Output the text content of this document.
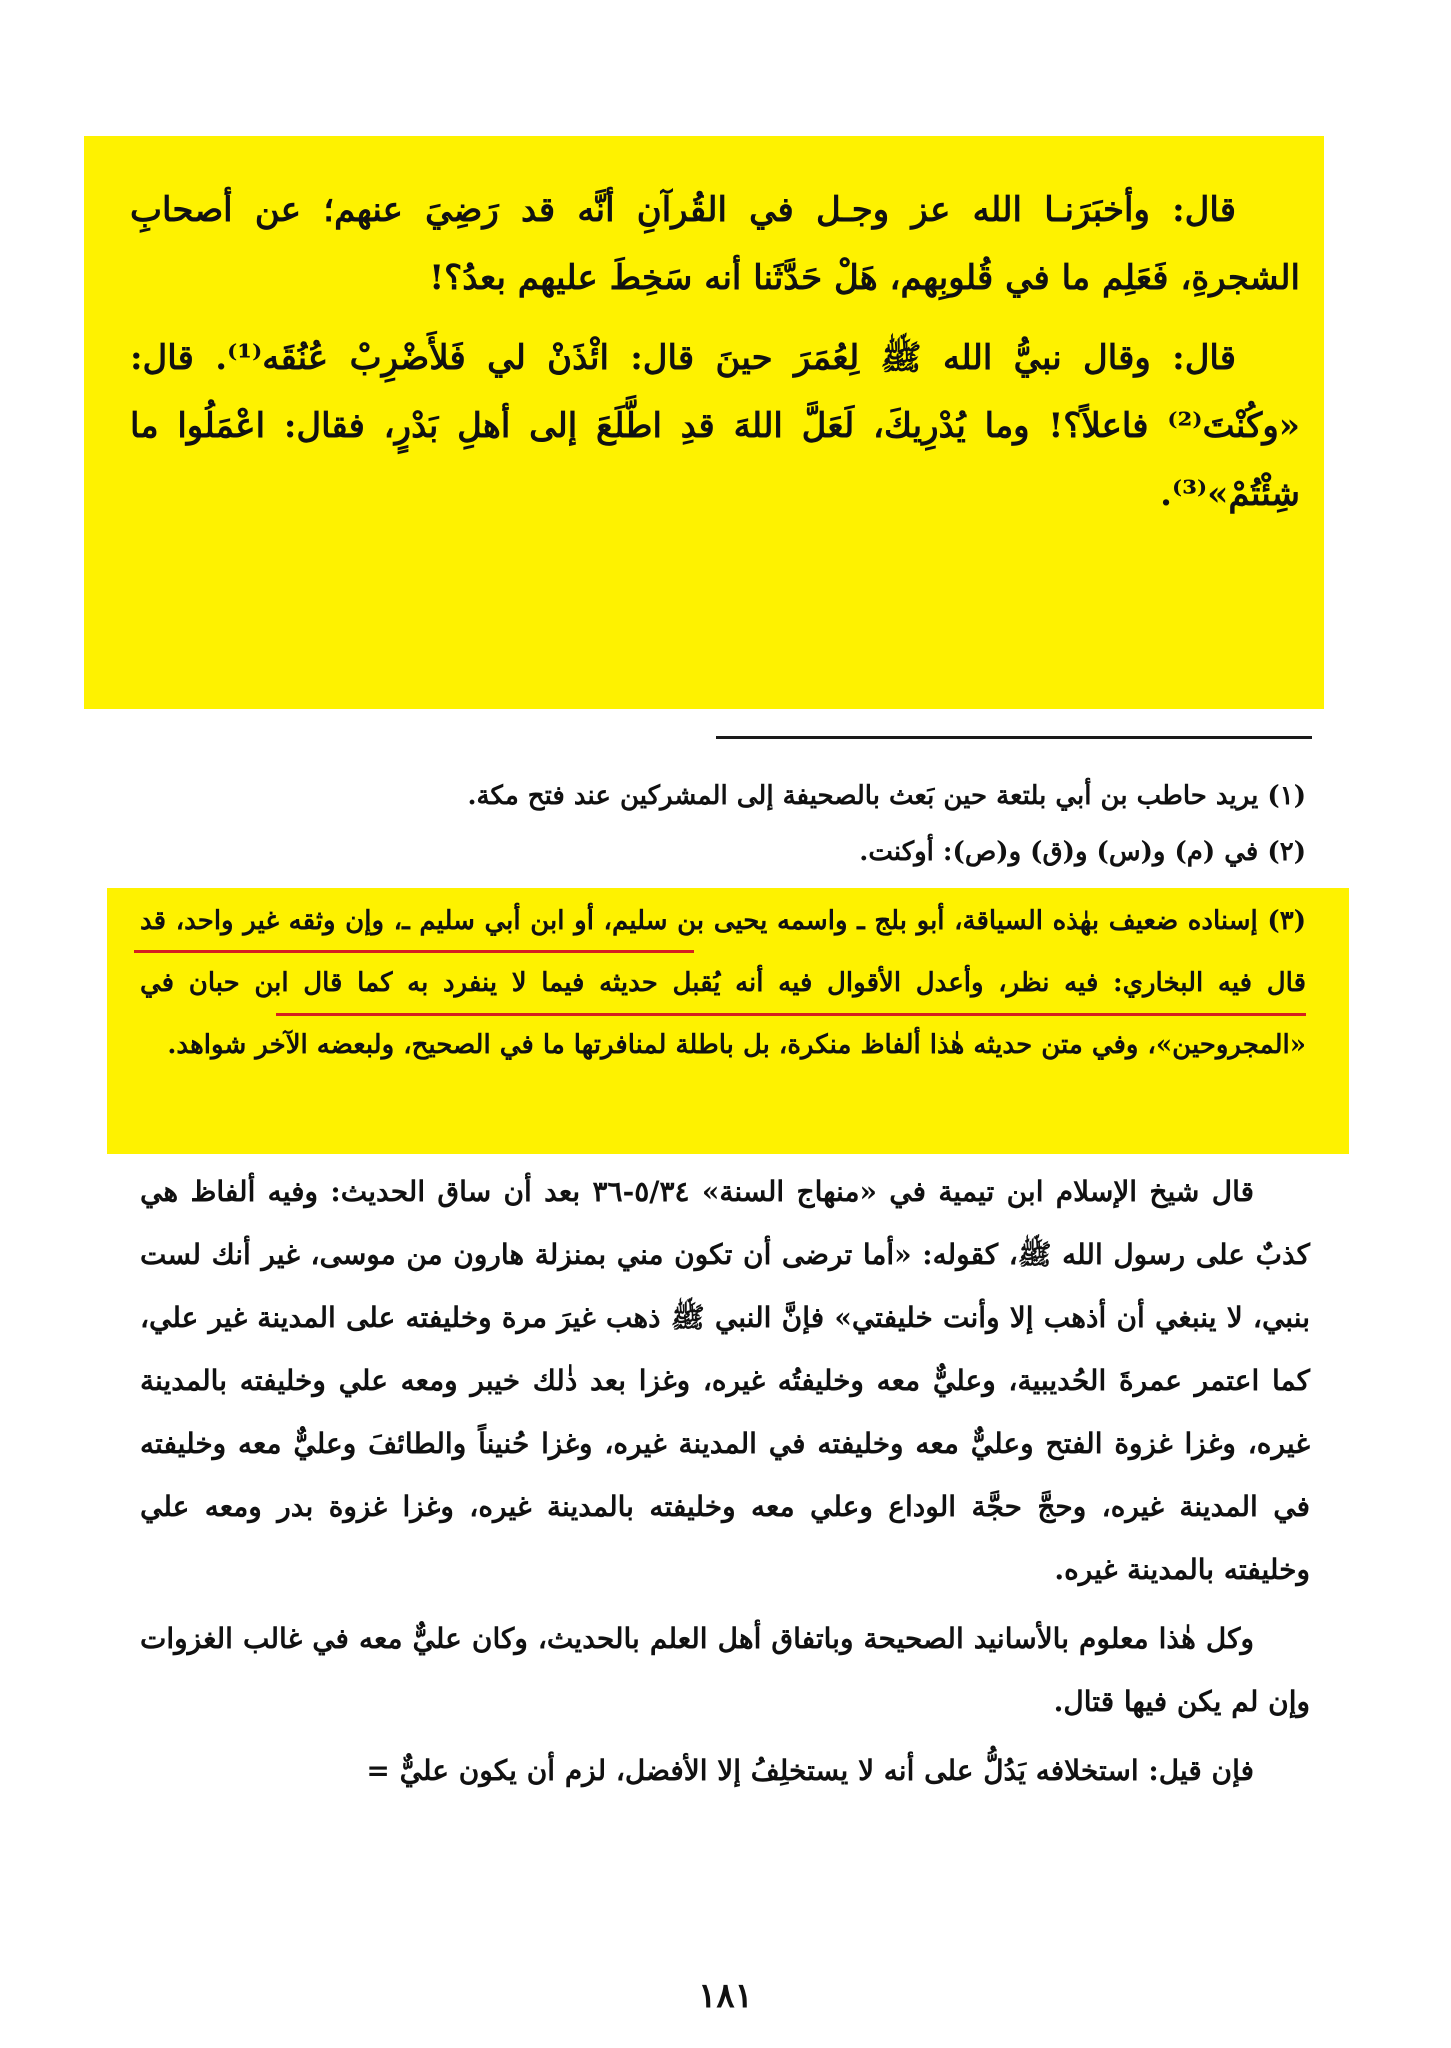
قال: وأخبَرَنـا الله عز وجـل في القُرآنِ أنَّه قد رَضِيَ عنهم؛ عن أصحابِ الشجرةِ، فَعَلِم ما في قُلوبِهم، هَلْ حَدَّثَنا أنه سَخِطَ عليهم بعدُ؟!

قال: وقال نبيُّ الله ﷺ لِعُمَرَ حينَ قال: ائْذَنْ لي فَلأَضْرِبْ عُنُقَه⁽¹⁾. قال: «وكُنْتَ⁽²⁾ فاعلاً؟! وما يُدْرِيكَ، لَعَلَّ اللهَ قدِ اطَّلَعَ إلى أهلِ بَدْرٍ، فقال: اعْمَلُوا ما شِئْتُمْ»⁽³⁾.

(١) يريد حاطب بن أبي بلتعة حين بَعث بالصحيفة إلى المشركين عند فتح مكة.

(٢) في (م) و(س) و(ق) و(ص): أوكنت.

(٣) إسناده ضعيف بهٰذه السياقة، أبو بلج ـ واسمه يحيى بن سليم، أو ابن أبي سليم ـ، وإن وثقه غير واحد، قد قال فيه البخاري: فيه نظر، وأعدل الأقوال فيه أنه يُقبل حديثه فيما لا ينفرد به كما قال ابن حبان في «المجروحين»، وفي متن حديثه هٰذا ألفاظ منكرة، بل باطلة لمنافرتها ما في الصحيح، ولبعضه الآخر شواهد.

قال شيخ الإسلام ابن تيمية في «منهاج السنة» ٥/٣٤-٣٦ بعد أن ساق الحديث: وفيه ألفاظ هي كذبٌ على رسول الله ﷺ، كقوله: «أما ترضى أن تكون مني بمنزلة هارون من موسى، غير أنك لست بنبي، لا ينبغي أن أذهب إلا وأنت خليفتي» فإنَّ النبي ﷺ ذهب غيرَ مرة وخليفته على المدينة غير علي، كما اعتمر عمرةَ الحُديبية، وعليٌّ معه وخليفتُه غيره، وغزا بعد ذٰلك خيبر ومعه علي وخليفته بالمدينة غيره، وغزا غزوة الفتح وعليٌّ معه وخليفته في المدينة غيره، وغزا حُنيناً والطائفَ وعليٌّ معه وخليفته في المدينة غيره، وحجَّ حجَّة الوداع وعلي معه وخليفته بالمدينة غيره، وغزا غزوة بدر ومعه علي وخليفته بالمدينة غيره.

وكل هٰذا معلوم بالأسانيد الصحيحة وباتفاق أهل العلم بالحديث، وكان عليٌّ معه في غالب الغزوات وإن لم يكن فيها قتال.

فإن قيل: استخلافه يَدُلُّ على أنه لا يستخلِفُ إلا الأفضل، لزم أن يكون عليٌّ =

١٨١
